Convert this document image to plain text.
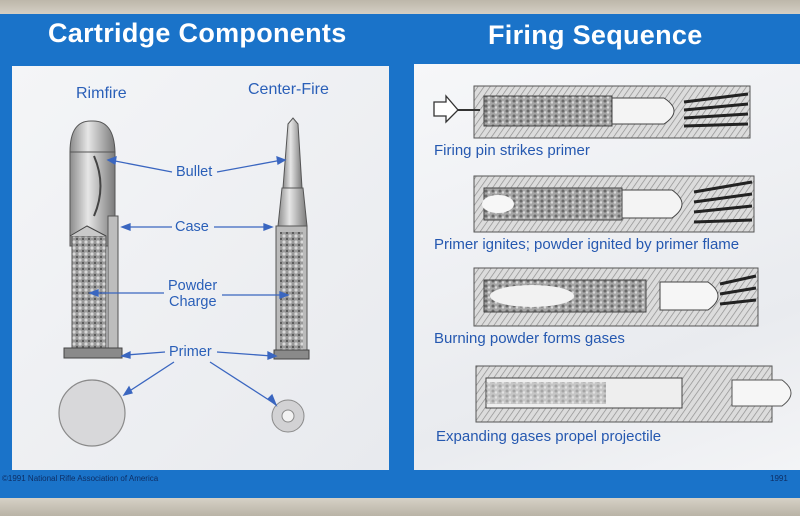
Cartridge Components	Firing Sequence
Rimfire	Center-Fire
Bullet
Case
Powder
Charge
Primer
Firing pin strikes primer
Primer ignites; powder ignited by primer flame
Burning powder forms gases
Expanding gases propel projectile
©1991 National Rifle Association of America	1991
